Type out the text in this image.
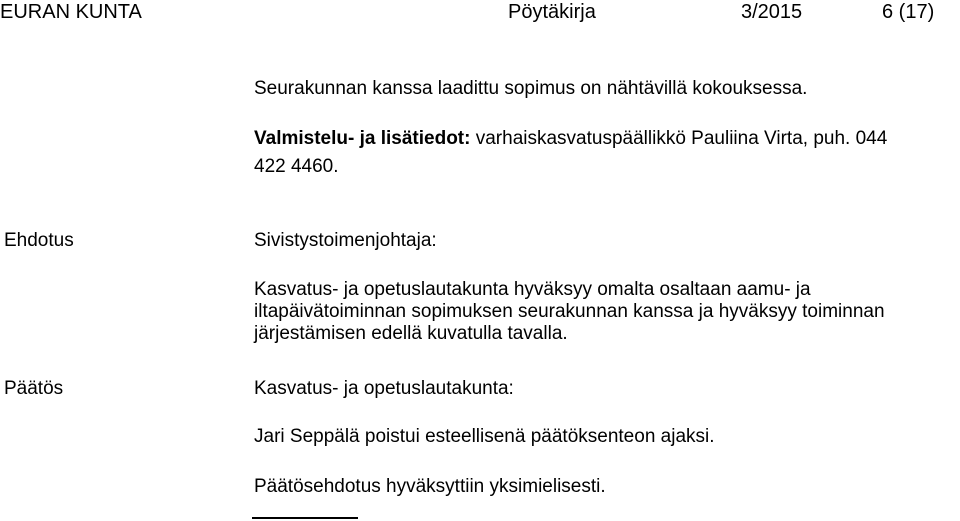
EURAN KUNTA	Pöytäkirja	3/2015	6 (17)
Seurakunnan kanssa laadittu sopimus on nähtävillä kokouksessa.
Valmistelu- ja lisätiedot: varhaiskasvatuspäällikkö Pauliina Virta, puh. 044
422 4460.
Ehdotus	Sivistystoimenjohtaja:
Kasvatus- ja opetuslautakunta hyväksyy omalta osaltaan aamu- ja
iltapäivätoiminnan sopimuksen seurakunnan kanssa ja hyväksyy toiminnan
järjestämisen edellä kuvatulla tavalla.
Päätös	Kasvatus- ja opetuslautakunta:
Jari Seppälä poistui esteellisenä päätöksenteon ajaksi.
Päätösehdotus hyväksyttiin yksimielisesti.
